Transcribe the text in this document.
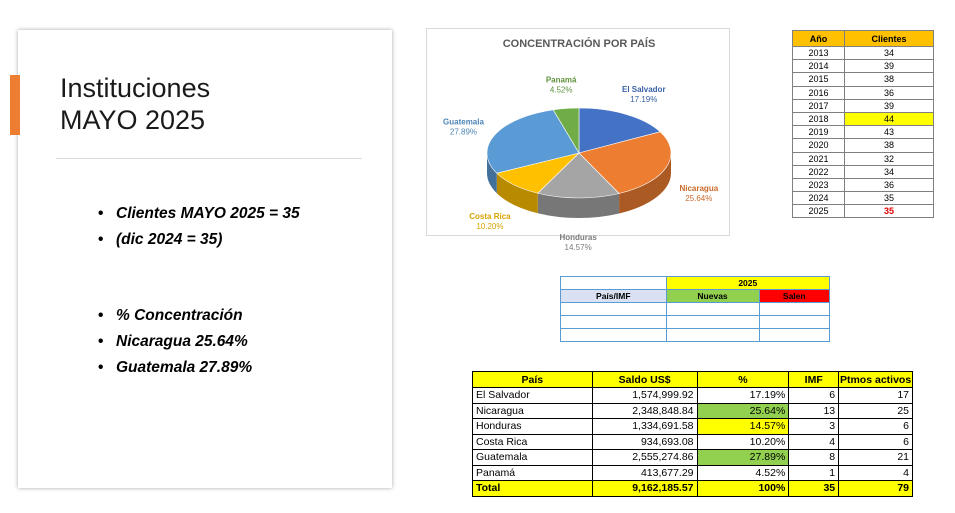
Instituciones
MAYO 2025
• Clientes MAYO 2025 = 35
• (dic 2024 = 35)
• % Concentración
• Nicaragua 25.64%
• Guatemala 27.89%
CONCENTRACIÓN POR PAÍS
El Salvador
17.19%
Nicaragua
25.64%
Honduras
14.57%
Costa Rica
10.20%
Guatemala
27.89%
Panamá
4.52%
Año	Clientes
2013	34
2014	39
2015	38
2016	36
2017	39
2018	44
2019	43
2020	38
2021	32
2022	34
2023	36
2024	35
2025	35
	2025	
País/IMF	Nuevas	Salen

País	Saldo US$	%	IMF	Ptmos activos
El Salvador	1,574,999.92	17.19%	6	17
Nicaragua	2,348,848.84	25.64%	13	25
Honduras	1,334,691.58	14.57%	3	6
Costa Rica	934,693.08	10.20%	4	6
Guatemala	2,555,274.86	27.89%	8	21
Panamá	413,677.29	4.52%	1	4
Total	9,162,185.57	100%	35	79
